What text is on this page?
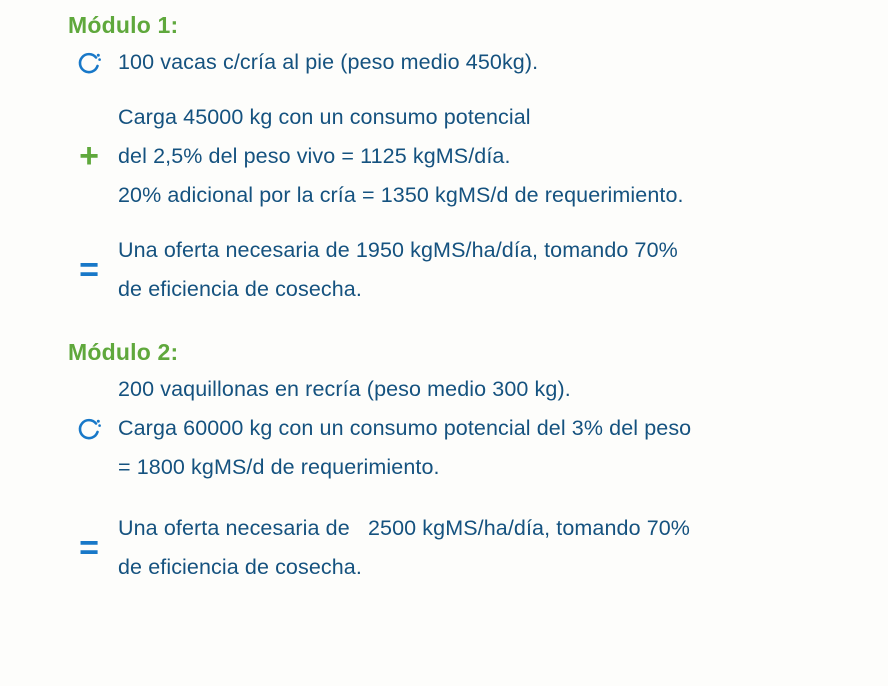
Módulo 1:
100 vacas c/cría al pie (peso medio 450kg).
+
Carga 45000 kg con un consumo potencial
del 2,5% del peso vivo = 1125 kgMS/día.
20% adicional por la cría = 1350 kgMS/d de requerimiento.
=
Una oferta necesaria de 1950 kgMS/ha/día, tomando 70%
de eficiencia de cosecha.
Módulo 2:
200 vaquillonas en recría (peso medio 300 kg).
Carga 60000 kg con un consumo potencial del 3% del peso
= 1800 kgMS/d de requerimiento.
=
Una oferta necesaria de   2500 kgMS/ha/día, tomando 70%
de eficiencia de cosecha.
